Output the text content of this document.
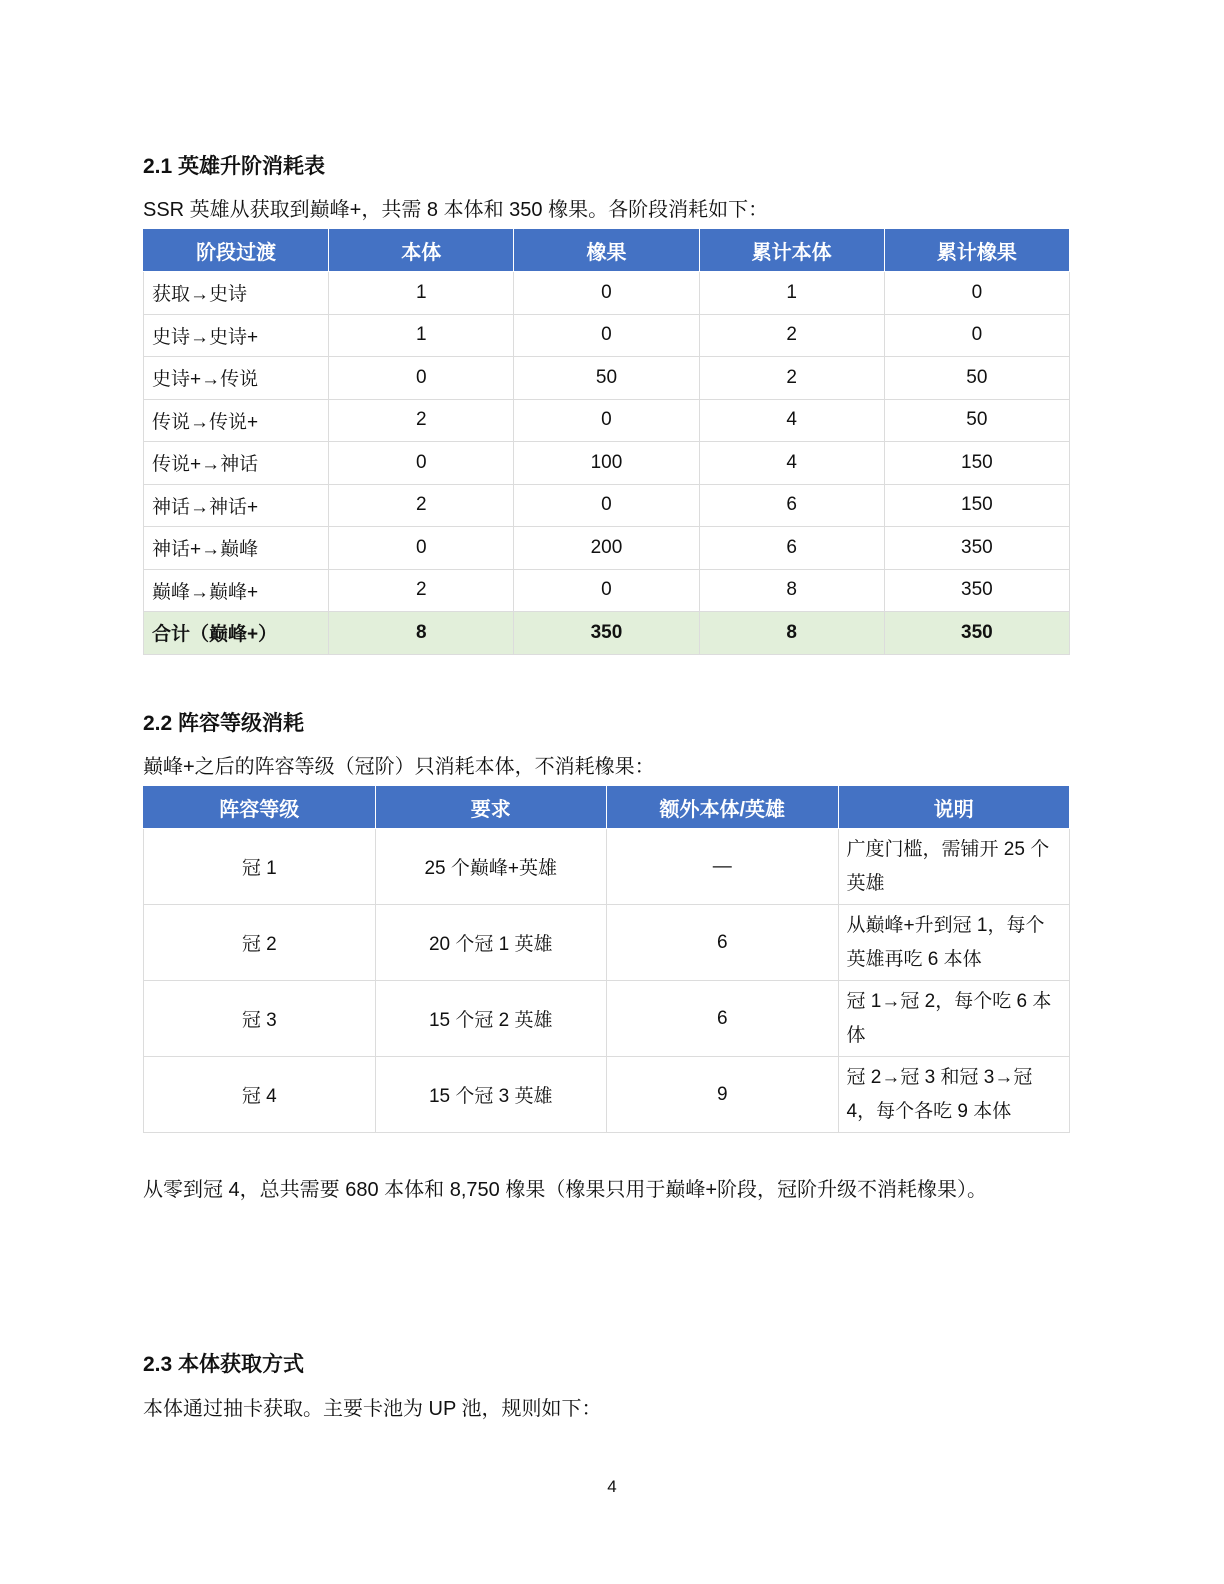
2.1 英雄升阶消耗表

SSR 英雄从获取到巅峰+，共需 8 本体和 350 橡果。各阶段消耗如下：

阶段过渡	本体	橡果	累计本体	累计橡果
获取→史诗	1	0	1	0
史诗→史诗+	1	0	2	0
史诗+→传说	0	50	2	50
传说→传说+	2	0	4	50
传说+→神话	0	100	4	150
神话→神话+	2	0	6	150
神话+→巅峰	0	200	6	350
巅峰→巅峰+	2	0	8	350
合计（巅峰+）	8	350	8	350
2.2 阵容等级消耗

巅峰+之后的阵容等级（冠阶）只消耗本体，不消耗橡果：

阵容等级	要求	额外本体/英雄	说明
冠 1	25 个巅峰+英雄	—	广度门槛，需铺开 25 个英雄
冠 2	20 个冠 1 英雄	6	从巅峰+升到冠 1，每个英雄再吃 6 本体
冠 3	15 个冠 2 英雄	6	冠 1→冠 2，每个吃 6 本体
冠 4	15 个冠 3 英雄	9	冠 2→冠 3 和冠 3→冠 4，每个各吃 9 本体

从零到冠 4，总共需要 680 本体和 8,750 橡果（橡果只用于巅峰+阶段，冠阶升级不消耗橡果）。

2.3 本体获取方式

本体通过抽卡获取。主要卡池为 UP 池，规则如下：

4
